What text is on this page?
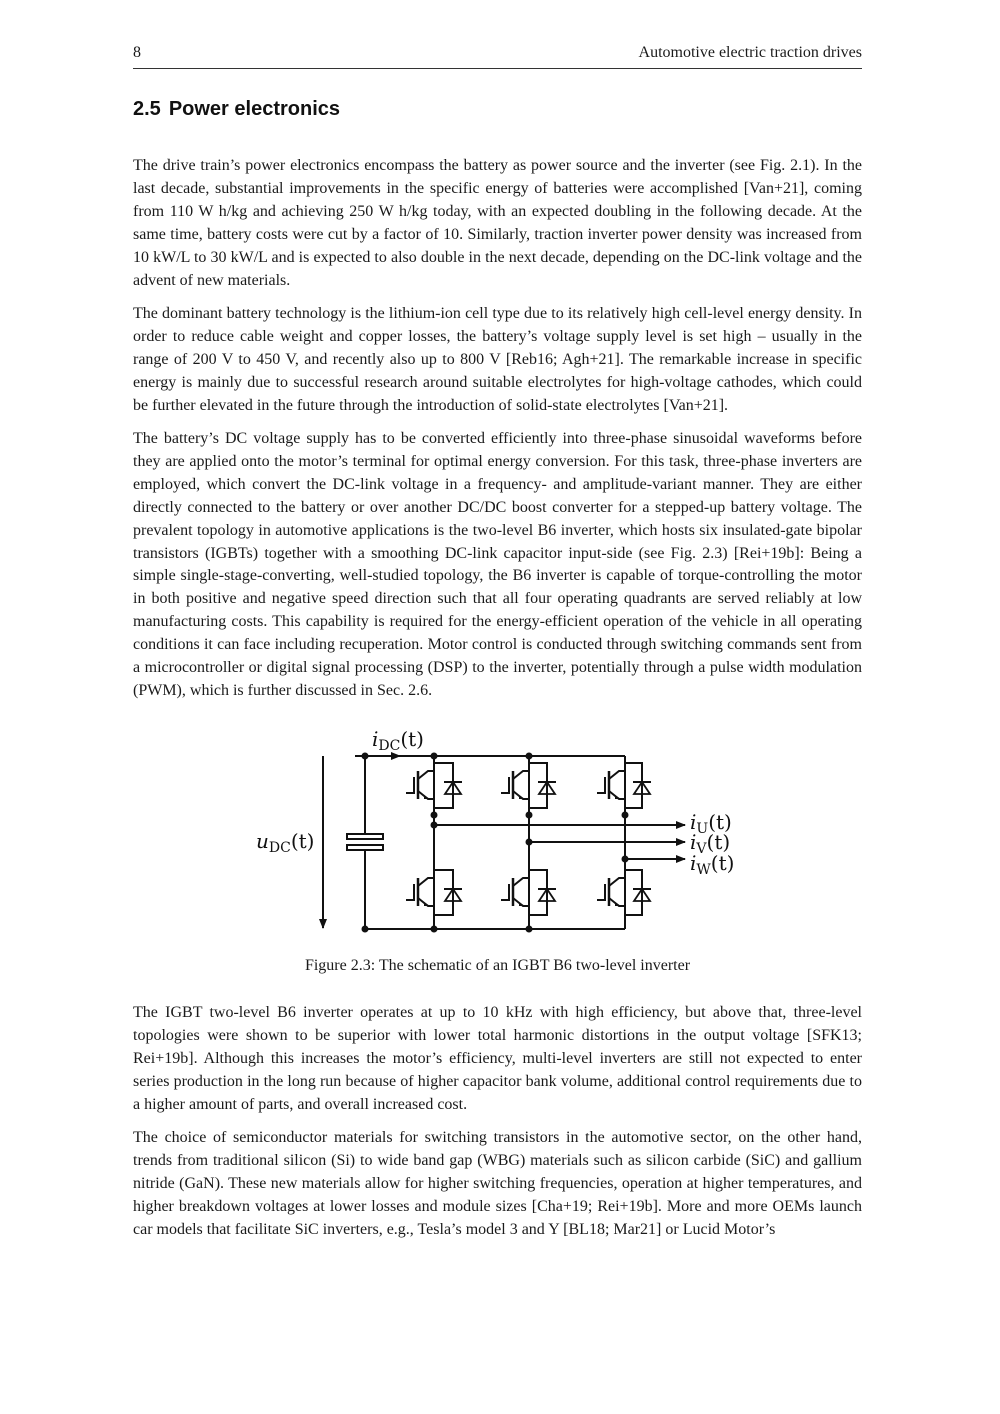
8	Automotive electric traction drives
2.5 Power electronics

The drive train’s power electronics encompass the battery as power source and the inverter (see Fig. 2.1). In the last decade, substantial improvements in the specific energy of batteries were accomplished [Van+21], coming from 110 W h/kg and achieving 250 W h/kg today, with an expected doubling in the following decade. At the same time, battery costs were cut by a factor of 10. Similarly, traction inverter power density was increased from 10 kW/L to 30 kW/L and is expected to also double in the next decade, depending on the DC-link voltage and the advent of new materials.

The dominant battery technology is the lithium-ion cell type due to its relatively high cell-level energy density. In order to reduce cable weight and copper losses, the battery’s voltage supply level is set high – usually in the range of 200 V to 450 V, and recently also up to 800 V [Reb16; Agh+21]. The remarkable increase in specific energy is mainly due to successful research around suitable electrolytes for high-voltage cathodes, which could be further elevated in the future through the introduction of solid-state electrolytes [Van+21].

The battery’s DC voltage supply has to be converted efficiently into three-phase sinusoidal waveforms before they are applied onto the motor’s terminal for optimal energy conversion. For this task, three-phase inverters are employed, which convert the DC-link voltage in a frequency- and amplitude-variant manner. They are either directly connected to the battery or over another DC/DC boost converter for a stepped-up battery voltage. The prevalent topology in automotive applications is the two-level B6 inverter, which hosts six insulated-gate bipolar transistors (IGBTs) together with a smoothing DC-link capacitor input-side (see Fig. 2.3) [Rei+19b]: Being a simple single-stage-converting, well-studied topology, the B6 inverter is capable of torque-controlling the motor in both positive and negative speed direction such that all four operating quadrants are served reliably at low manufacturing costs. This capability is required for the energy-efficient operation of the vehicle in all operating conditions it can face including recuperation. Motor control is conducted through switching commands sent from a microcontroller or digital signal processing (DSP) to the inverter, potentially through a pulse width modulation (PWM), which is further discussed in Sec. 2.6.

$i_{DC}(t)$
$u_{DC}(t)$
$i_U(t)$
$i_V(t)$
$i_W(t)$
Figure 2.3: The schematic of an IGBT B6 two-level inverter

The IGBT two-level B6 inverter operates at up to 10 kHz with high efficiency, but above that, three-level topologies were shown to be superior with lower total harmonic distortions in the output voltage [SFK13; Rei+19b]. Although this increases the motor’s efficiency, multi-level inverters are still not expected to enter series production in the long run because of higher capacitor bank volume, additional control requirements due to a higher amount of parts, and overall increased cost.

The choice of semiconductor materials for switching transistors in the automotive sector, on the other hand, trends from traditional silicon (Si) to wide band gap (WBG) materials such as silicon carbide (SiC) and gallium nitride (GaN). These new materials allow for higher switching frequencies, operation at higher temperatures, and higher breakdown voltages at lower losses and module sizes [Cha+19; Rei+19b]. More and more OEMs launch car models that facilitate SiC inverters, e.g., Tesla’s model 3 and Y [BL18; Mar21] or Lucid Motor’s
